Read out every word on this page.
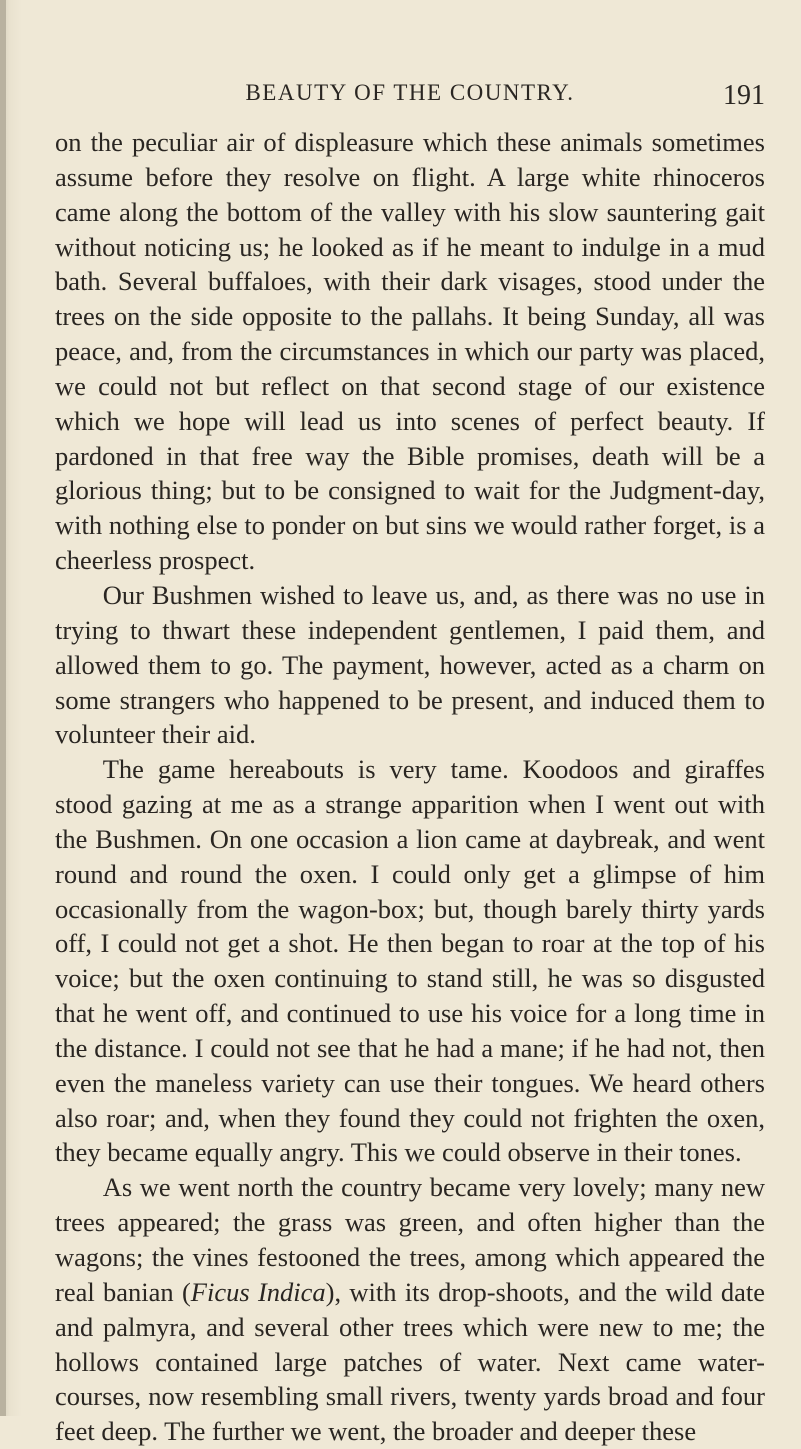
BEAUTY OF THE COUNTRY.	191

on the peculiar air of displeasure which these animals sometimes assume before they resolve on flight. A large white rhinoceros came along the bottom of the valley with his slow sauntering gait without noticing us; he looked as if he meant to indulge in a mud bath. Several buffaloes, with their dark visages, stood under the trees on the side opposite to the pallahs. It being Sunday, all was peace, and, from the circumstances in which our party was placed, we could not but reflect on that second stage of our existence which we hope will lead us into scenes of perfect beauty. If pardoned in that free way the Bible promises, death will be a glorious thing; but to be consigned to wait for the Judgment-day, with nothing else to ponder on but sins we would rather forget, is a cheerless prospect.

Our Bushmen wished to leave us, and, as there was no use in trying to thwart these independent gentlemen, I paid them, and allowed them to go. The payment, however, acted as a charm on some strangers who happened to be present, and induced them to volunteer their aid.

The game hereabouts is very tame. Koodoos and giraffes stood gazing at me as a strange apparition when I went out with the Bushmen. On one occasion a lion came at daybreak, and went round and round the oxen. I could only get a glimpse of him occasionally from the wagon-box; but, though barely thirty yards off, I could not get a shot. He then began to roar at the top of his voice; but the oxen continuing to stand still, he was so disgusted that he went off, and continued to use his voice for a long time in the distance. I could not see that he had a mane; if he had not, then even the maneless variety can use their tongues. We heard others also roar; and, when they found they could not frighten the oxen, they became equally angry. This we could observe in their tones.

As we went north the country became very lovely; many new trees appeared; the grass was green, and often higher than the wagons; the vines festooned the trees, among which appeared the real banian (Ficus Indica), with its drop-shoots, and the wild date and palmyra, and several other trees which were new to me; the hollows contained large patches of water. Next came water-courses, now resembling small rivers, twenty yards broad and four feet deep. The further we went, the broader and deeper these
